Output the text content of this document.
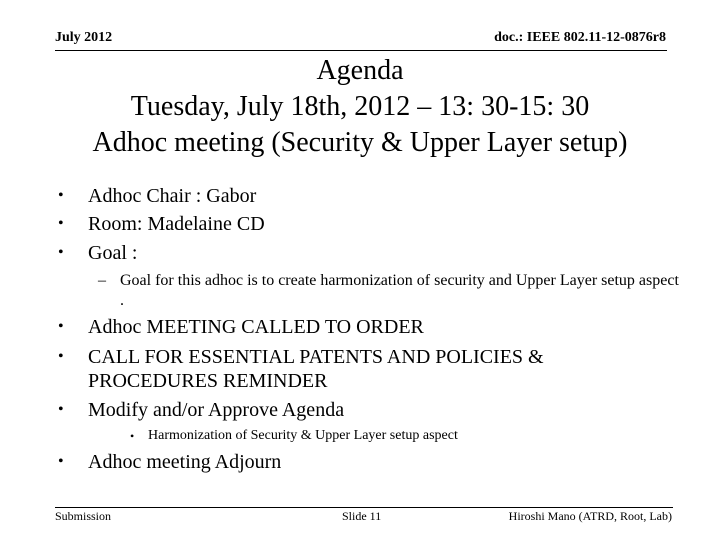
July 2012	doc.: IEEE 802.11-12-0876r8
Agenda
Tuesday, July 18th, 2012 – 13: 30-15: 30
Adhoc meeting (Security & Upper Layer setup)
• Adhoc Chair : Gabor
• Room: Madelaine CD
• Goal :
– Goal for this adhoc is to create harmonization of security and Upper Layer setup aspect .
• Adhoc MEETING CALLED TO ORDER
• CALL FOR ESSENTIAL PATENTS AND POLICIES & PROCEDURES REMINDER
• Modify and/or Approve Agenda
• Harmonization of Security & Upper Layer setup aspect
• Adhoc meeting Adjourn
Submission	Slide 11	Hiroshi Mano (ATRD, Root, Lab)
